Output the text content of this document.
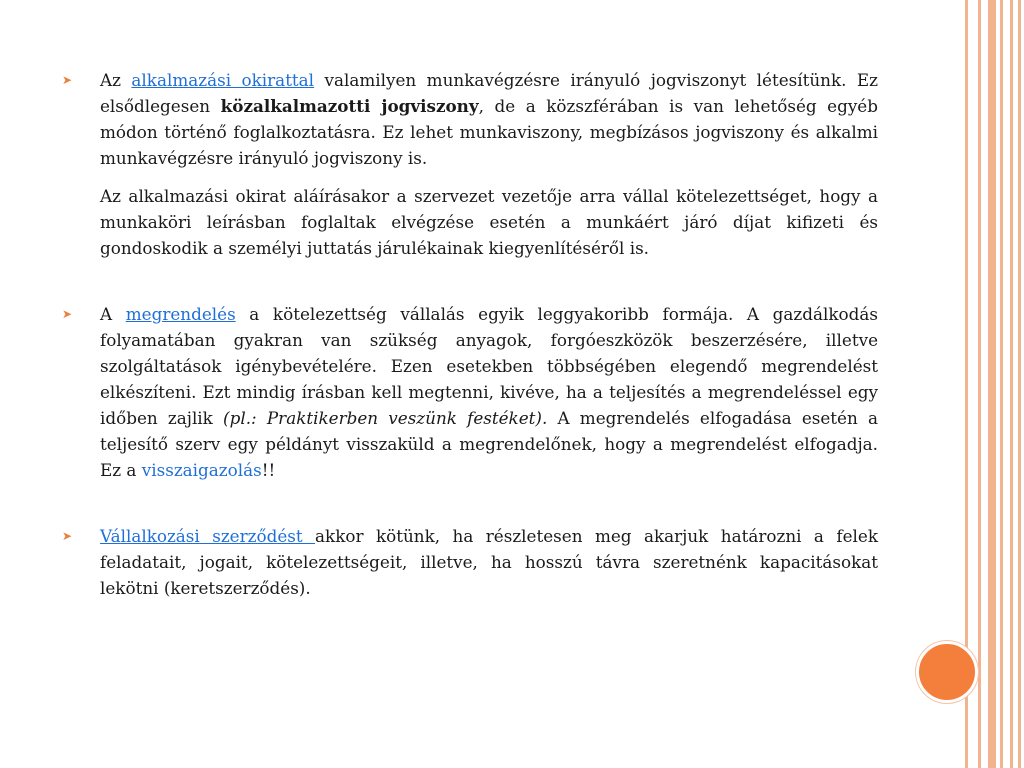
➤ Az alkalmazási okirattal valamilyen munkavégzésre irányuló jogviszonyt létesítünk. Ez elsődlegesen közalkalmazotti jogviszony, de a közszférában is van lehetőség egyéb módon történő foglalkoztatásra. Ez lehet munkaviszony, megbízásos jogviszony és alkalmi munkavégzésre irányuló jogviszony is.

Az alkalmazási okirat aláírásakor a szervezet vezetője arra vállal kötelezettséget, hogy a munkaköri leírásban foglaltak elvégzése esetén a munkáért járó díjat kifizeti és gondoskodik a személyi juttatás járulékainak kiegyenlítéséről is.

➤ A megrendelés a kötelezettség vállalás egyik leggyakoribb formája. A gazdálkodás folyamatában gyakran van szükség anyagok, forgóeszközök beszerzésére, illetve szolgáltatások igénybevételére. Ezen esetekben többségében elegendő megrendelést elkészíteni. Ezt mindig írásban kell megtenni, kivéve, ha a teljesítés a megrendeléssel egy időben zajlik (pl.: Praktikerben veszünk festéket). A megrendelés elfogadása esetén a teljesítő szerv egy példányt visszaküld a megrendelőnek, hogy a megrendelést elfogadja. Ez a visszaigazolás!!

➤ Vállalkozási szerződést akkor kötünk, ha részletesen meg akarjuk határozni a felek feladatait, jogait, kötelezettségeit, illetve, ha hosszú távra szeretnénk kapacitásokat lekötni (keretszerződés).
